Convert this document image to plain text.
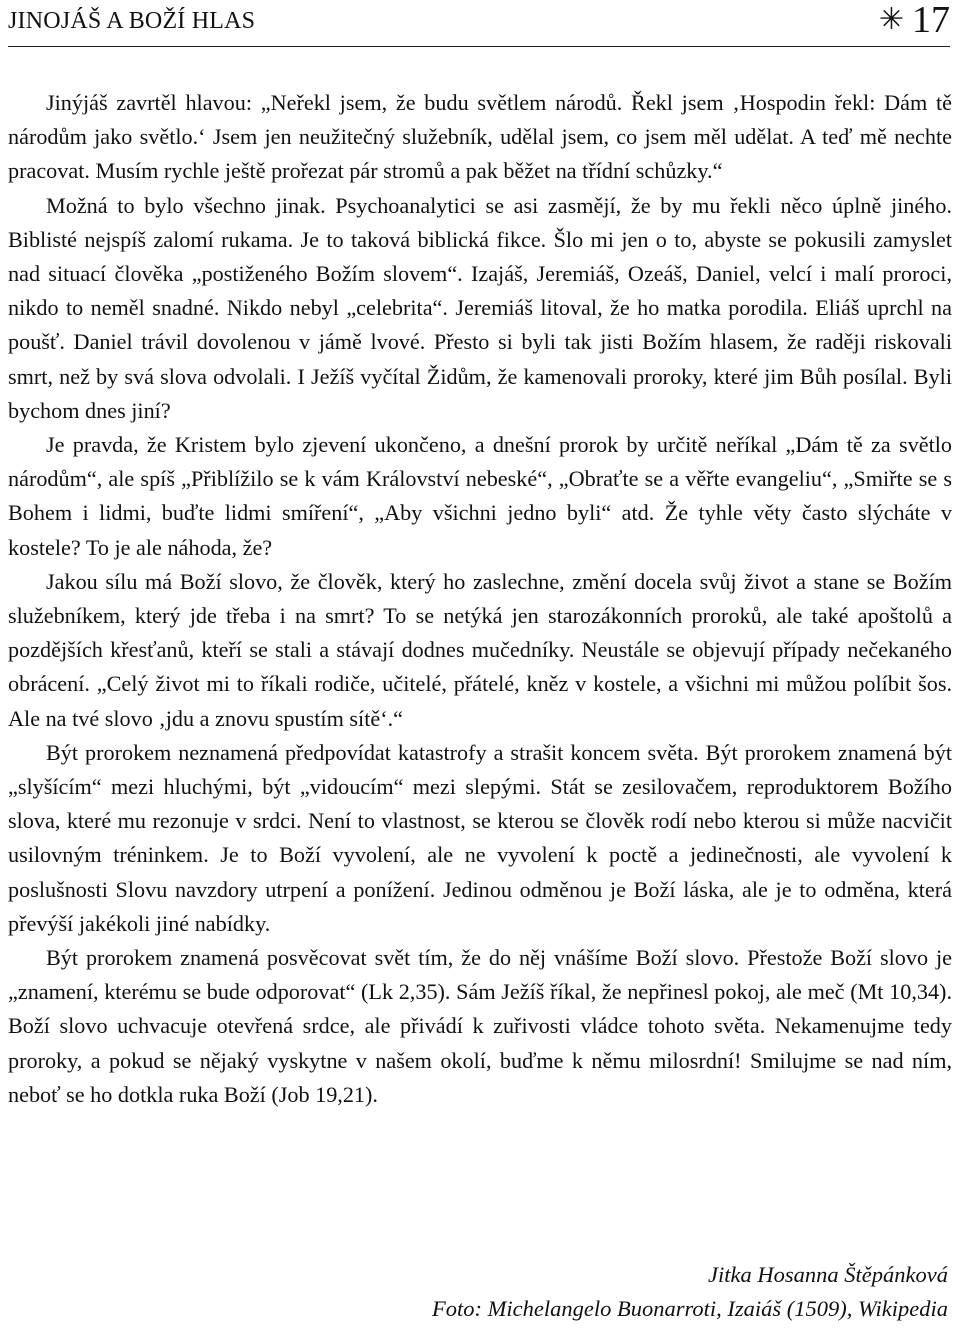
JINOJÁŠ A BOŽÍ HLAS	✳ 17

Jinýjáš zavrtěl hlavou: „Neřekl jsem, že budu světlem národů. Řekl jsem ‚Hospodin řekl: Dám tě národům jako světlo.‘ Jsem jen neužitečný služebník, udělal jsem, co jsem měl udělat. A teď mě nechte pracovat. Musím rychle ještě prořezat pár stromů a pak běžet na třídní schůzky.“

Možná to bylo všechno jinak. Psychoanalytici se asi zasmějí, že by mu řekli něco úplně jiného. Biblisté nejspíš zalomí rukama. Je to taková biblická fikce. Šlo mi jen o to, abyste se pokusili zamyslet nad situací člověka „postiženého Božím slovem“. Izajáš, Jeremiáš, Ozeáš, Daniel, velcí i malí proroci, nikdo to neměl snadné. Nikdo nebyl „celebrita“. Jeremiáš litoval, že ho matka porodila. Eliáš uprchl na poušť. Daniel trávil dovolenou v jámě lvové. Přesto si byli tak jisti Božím hlasem, že raději riskovali smrt, než by svá slova odvolali. I Ježíš vyčítal Židům, že kamenovali proroky, které jim Bůh posílal. Byli bychom dnes jiní?

Je pravda, že Kristem bylo zjevení ukončeno, a dnešní prorok by určitě neříkal „Dám tě za světlo národům“, ale spíš „Přiblížilo se k vám Království nebeské“, „Obraťte se a věřte evangeliu“, „Smiřte se s Bohem i lidmi, buďte lidmi smíření“, „Aby všichni jedno byli“ atd. Že tyhle věty často slýcháte v kostele? To je ale náhoda, že?

Jakou sílu má Boží slovo, že člověk, který ho zaslechne, změní docela svůj život a stane se Božím služebníkem, který jde třeba i na smrt? To se netýká jen starozákonních proroků, ale také apoštolů a pozdějších křesťanů, kteří se stali a stávají dodnes mučedníky. Neustále se objevují případy nečekaného obrácení. „Celý život mi to říkali rodiče, učitelé, přátelé, kněz v kostele, a všichni mi můžou políbit šos. Ale na tvé slovo ‚jdu a znovu spustím sítě‘.“

Být prorokem neznamená předpovídat katastrofy a strašit koncem světa. Být prorokem znamená být „slyšícím“ mezi hluchými, být „vidoucím“ mezi slepými. Stát se zesilovačem, reproduktorem Božího slova, které mu rezonuje v srdci. Není to vlastnost, se kterou se člověk rodí nebo kterou si může nacvičit usilovným tréninkem. Je to Boží vyvolení, ale ne vyvolení k poctě a jedinečnosti, ale vyvolení k poslušnosti Slovu navzdory utrpení a ponížení. Jedinou odměnou je Boží láska, ale je to odměna, která převýší jakékoli jiné nabídky.

Být prorokem znamená posvěcovat svět tím, že do něj vnášíme Boží slovo. Přestože Boží slovo je „znamení, kterému se bude odporovat“ (Lk 2,35). Sám Ježíš říkal, že nepřinesl pokoj, ale meč (Mt 10,34). Boží slovo uchvacuje otevřená srdce, ale přivádí k zuřivosti vládce tohoto světa. Nekamenujme tedy proroky, a pokud se nějaký vyskytne v našem okolí, buďme k němu milosrdní! Smilujme se nad ním, neboť se ho dotkla ruka Boží (Job 19,21).

Jitka Hosanna Štěpánková
Foto: Michelangelo Buonarroti, Izaiáš (1509), Wikipedia
